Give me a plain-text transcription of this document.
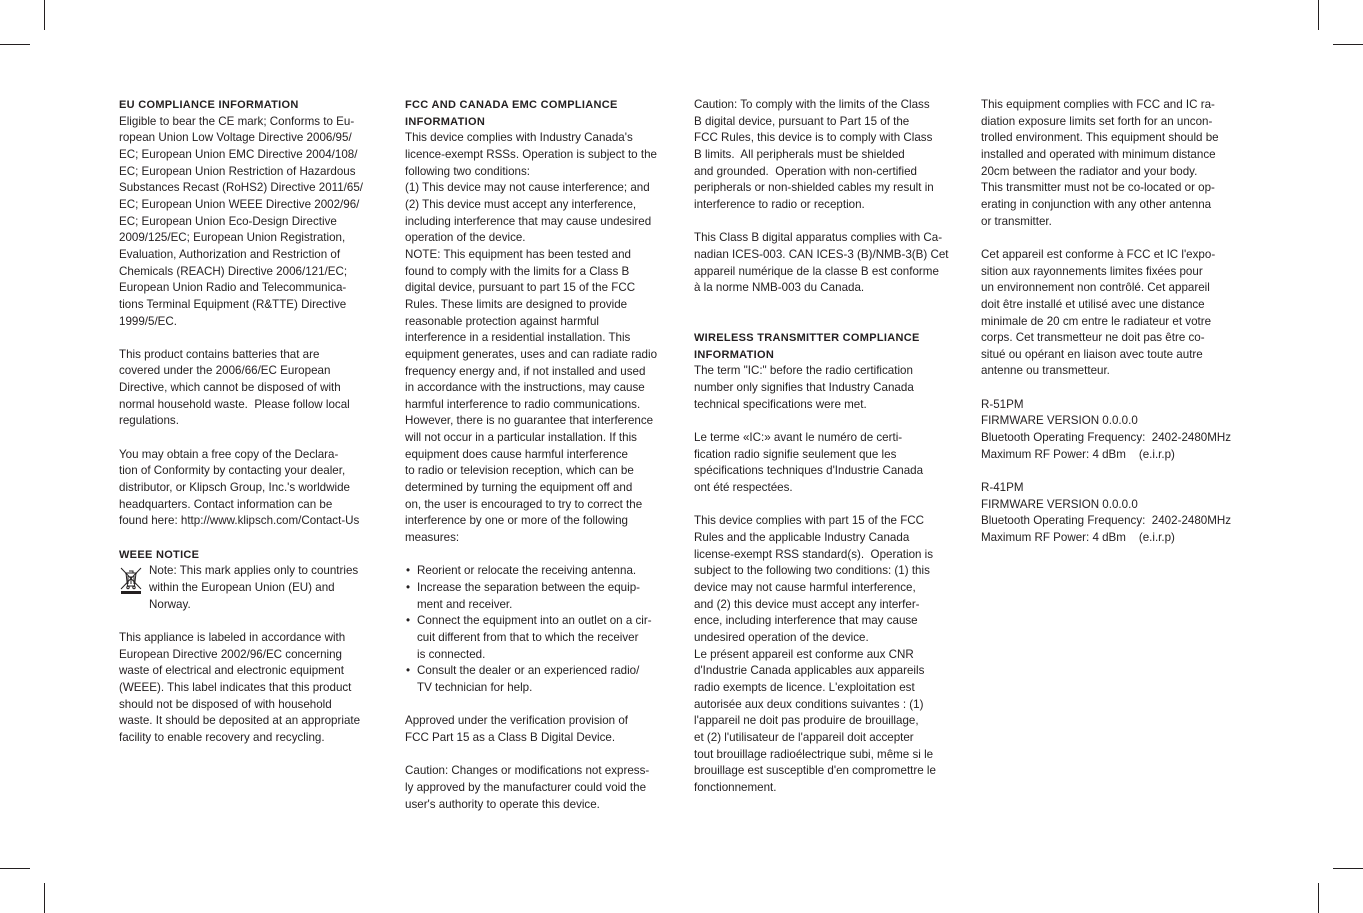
EU COMPLIANCE INFORMATION
Eligible to bear the CE mark; Conforms to Eu-
ropean Union Low Voltage Directive 2006/95/
EC; European Union EMC Directive 2004/108/
EC; European Union Restriction of Hazardous
Substances Recast (RoHS2) Directive 2011/65/
EC; European Union WEEE Directive 2002/96/
EC; European Union Eco-Design Directive
2009/125/EC; European Union Registration,
Evaluation, Authorization and Restriction of
Chemicals (REACH) Directive 2006/121/EC;
European Union Radio and Telecommunica-
tions Terminal Equipment (R&TTE) Directive
1999/5/EC.
This product contains batteries that are
covered under the 2006/66/EC European
Directive, which cannot be disposed of with
normal household waste.  Please follow local
regulations.
You may obtain a free copy of the Declara-
tion of Conformity by contacting your dealer,
distributor, or Klipsch Group, Inc.'s worldwide
headquarters. Contact information can be
found here: http://www.klipsch.com/Contact-Us
WEEE NOTICE
Note: This mark applies only to countries
within the European Union (EU) and
Norway.
This appliance is labeled in accordance with
European Directive 2002/96/EC concerning
waste of electrical and electronic equipment
(WEEE). This label indicates that this product
should not be disposed of with household
waste. It should be deposited at an appropriate
facility to enable recovery and recycling.
FCC AND CANADA EMC COMPLIANCE
INFORMATION
This device complies with Industry Canada's
licence-exempt RSSs. Operation is subject to the
following two conditions:
(1) This device may not cause interference; and
(2) This device must accept any interference,
including interference that may cause undesired
operation of the device.
NOTE: This equipment has been tested and
found to comply with the limits for a Class B
digital device, pursuant to part 15 of the FCC
Rules. These limits are designed to provide
reasonable protection against harmful
interference in a residential installation. This
equipment generates, uses and can radiate radio
frequency energy and, if not installed and used
in accordance with the instructions, may cause
harmful interference to radio communications.
However, there is no guarantee that interference
will not occur in a particular installation. If this
equipment does cause harmful interference
to radio or television reception, which can be
determined by turning the equipment off and
on, the user is encouraged to try to correct the
interference by one or more of the following
measures:
• Reorient or relocate the receiving antenna.
• Increase the separation between the equip-
ment and receiver.
• Connect the equipment into an outlet on a cir-
cuit different from that to which the receiver
is connected.
• Consult the dealer or an experienced radio/
TV technician for help.
Approved under the verification provision of
FCC Part 15 as a Class B Digital Device.
Caution: Changes or modifications not express-
ly approved by the manufacturer could void the
user's authority to operate this device.
Caution: To comply with the limits of the Class
B digital device, pursuant to Part 15 of the
FCC Rules, this device is to comply with Class
B limits.  All peripherals must be shielded
and grounded.  Operation with non-certified
peripherals or non-shielded cables my result in
interference to radio or reception.
This Class B digital apparatus complies with Ca-
nadian ICES-003. CAN ICES-3 (B)/NMB-3(B) Cet
appareil numérique de la classe B est conforme
à la norme NMB-003 du Canada.
WIRELESS TRANSMITTER COMPLIANCE
INFORMATION
The term "IC:" before the radio certification
number only signifies that Industry Canada
technical specifications were met.
Le terme «IC:» avant le numéro de certi-
fication radio signifie seulement que les
spécifications techniques d'Industrie Canada
ont été respectées.
This device complies with part 15 of the FCC
Rules and the applicable Industry Canada
license-exempt RSS standard(s).  Operation is
subject to the following two conditions: (1) this
device may not cause harmful interference,
and (2) this device must accept any interfer-
ence, including interference that may cause
undesired operation of the device.
Le présent appareil est conforme aux CNR
d'Industrie Canada applicables aux appareils
radio exempts de licence. L'exploitation est
autorisée aux deux conditions suivantes : (1)
l'appareil ne doit pas produire de brouillage,
et (2) l'utilisateur de l'appareil doit accepter
tout brouillage radioélectrique subi, même si le
brouillage est susceptible d'en compromettre le
fonctionnement.
This equipment complies with FCC and IC ra-
diation exposure limits set forth for an uncon-
trolled environment. This equipment should be
installed and operated with minimum distance
20cm between the radiator and your body.
This transmitter must not be co-located or op-
erating in conjunction with any other antenna
or transmitter.
Cet appareil est conforme à FCC et IC l'expo-
sition aux rayonnements limites fixées pour
un environnement non contrôlé. Cet appareil
doit être installé et utilisé avec une distance
minimale de 20 cm entre le radiateur et votre
corps. Cet transmetteur ne doit pas être co-
situé ou opérant en liaison avec toute autre
antenne ou transmetteur.
R-51PM
FIRMWARE VERSION 0.0.0.0
Bluetooth Operating Frequency:  2402-2480MHz
Maximum RF Power: 4 dBm    (e.i.r.p)
R-41PM
FIRMWARE VERSION 0.0.0.0
Bluetooth Operating Frequency:  2402-2480MHz
Maximum RF Power: 4 dBm    (e.i.r.p)
